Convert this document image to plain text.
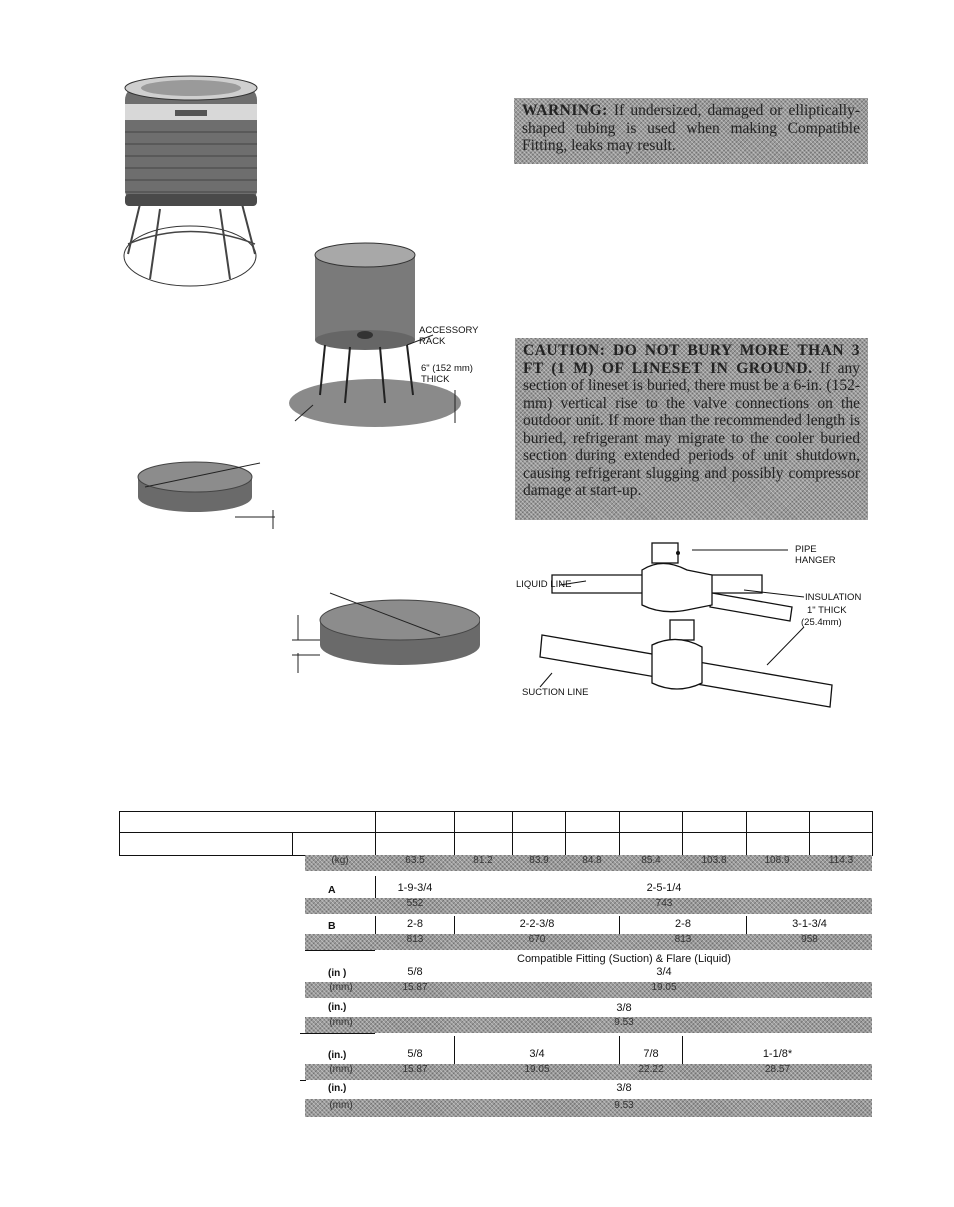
ACCESSORY RACK
6" (152 mm) THICK
WARNING: If undersized, damaged or elliptically-shaped tubing is used when making Compatible Fitting, leaks may result.
CAUTION: DO NOT BURY MORE THAN 3 FT (1 M) OF LINESET IN GROUND. If any section of lineset is buried, there must be a 6-in. (152-mm) vertical rise to the valve connections on the outdoor unit. If more than the recommended length is buried, refrigerant may migrate to the cooler buried section during extended periods of unit shutdown, causing refrigerant slugging and possibly compressor damage at start-up.
PIPE HANGER
LIQUID LINE
INSULATION
1" THICK
(25.4mm)
SUCTION LINE
(kg)	63.5	81.2	83.9	84.8	85.4	103.8	108.9	114.3
A	1-9-3/4	2-5-1/4
552	743
B	2-8	2-2-3/8	2-8	3-1-3/4
813	670	813	958
Compatible Fitting (Suction) & Flare (Liquid)
(in )	5/8	3/4
(mm)	15.87	19.05
(in.)	3/8
(mm)	9.53
(in.)	5/8	3/4	7/8	1-1/8*
(mm)	15.87	19.05	22.22	28.57
(in.)	3/8
(mm)	9.53
